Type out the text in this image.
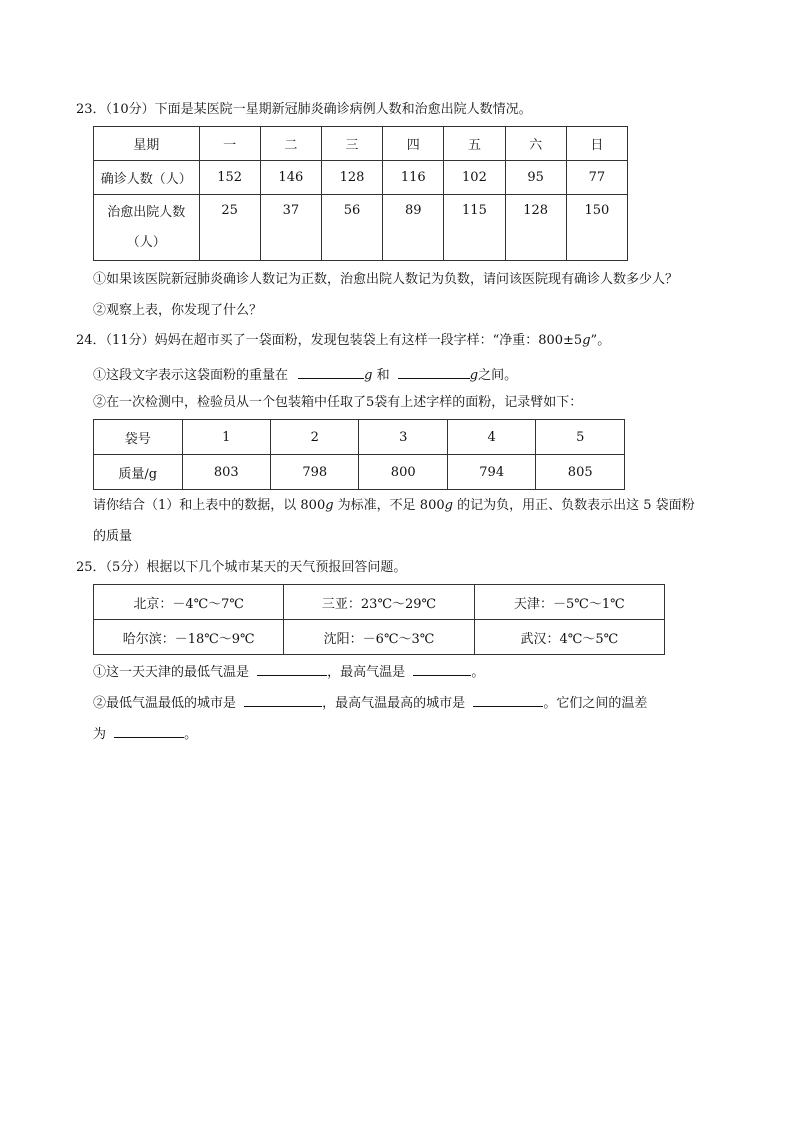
23．（10分）下面是某医院一星期新冠肺炎确诊病例人数和治愈出院人数情况。
星期	一	二	三	四	五	六	日
确诊人数（人）	152	146	128	116	102	95	77

治愈出院人数
（人）	25	37	56	89	115	128	150
①如果该医院新冠肺炎确诊人数记为正数，治愈出院人数记为负数，请问该医院现有确诊人数多少人？
②观察上表，你发现了什么？
24．（11分）妈妈在超市买了一袋面粉，发现包装袋上有这样一段字样：“净重：800±5g”。
①这段文字表示这袋面粉的重量在	g 和	g之间。
②在一次检测中，检验员从一个包装箱中任取了5袋有上述字样的面粉，记录臂如下：
袋号	1	2	3	4	5
质量/g	803	798	800	794	805
请你结合（1）和上表中的数据，以 800g 为标准，不足 800g 的记为负，用正、负数表示出这 5 袋面粉
的质量
25．（5分）根据以下几个城市某天的天气预报回答问题。
北京：－4℃～7℃	三亚：23℃～29℃	天津：－5℃～1℃
哈尔滨：－18℃～9℃	沈阳：－6℃～3℃	武汉：4℃～5℃
①这一天天津的最低气温是	，最高气温是	。
②最低气温最低的城市是	，最高气温最高的城市是	。它们之间的温差
为	。
